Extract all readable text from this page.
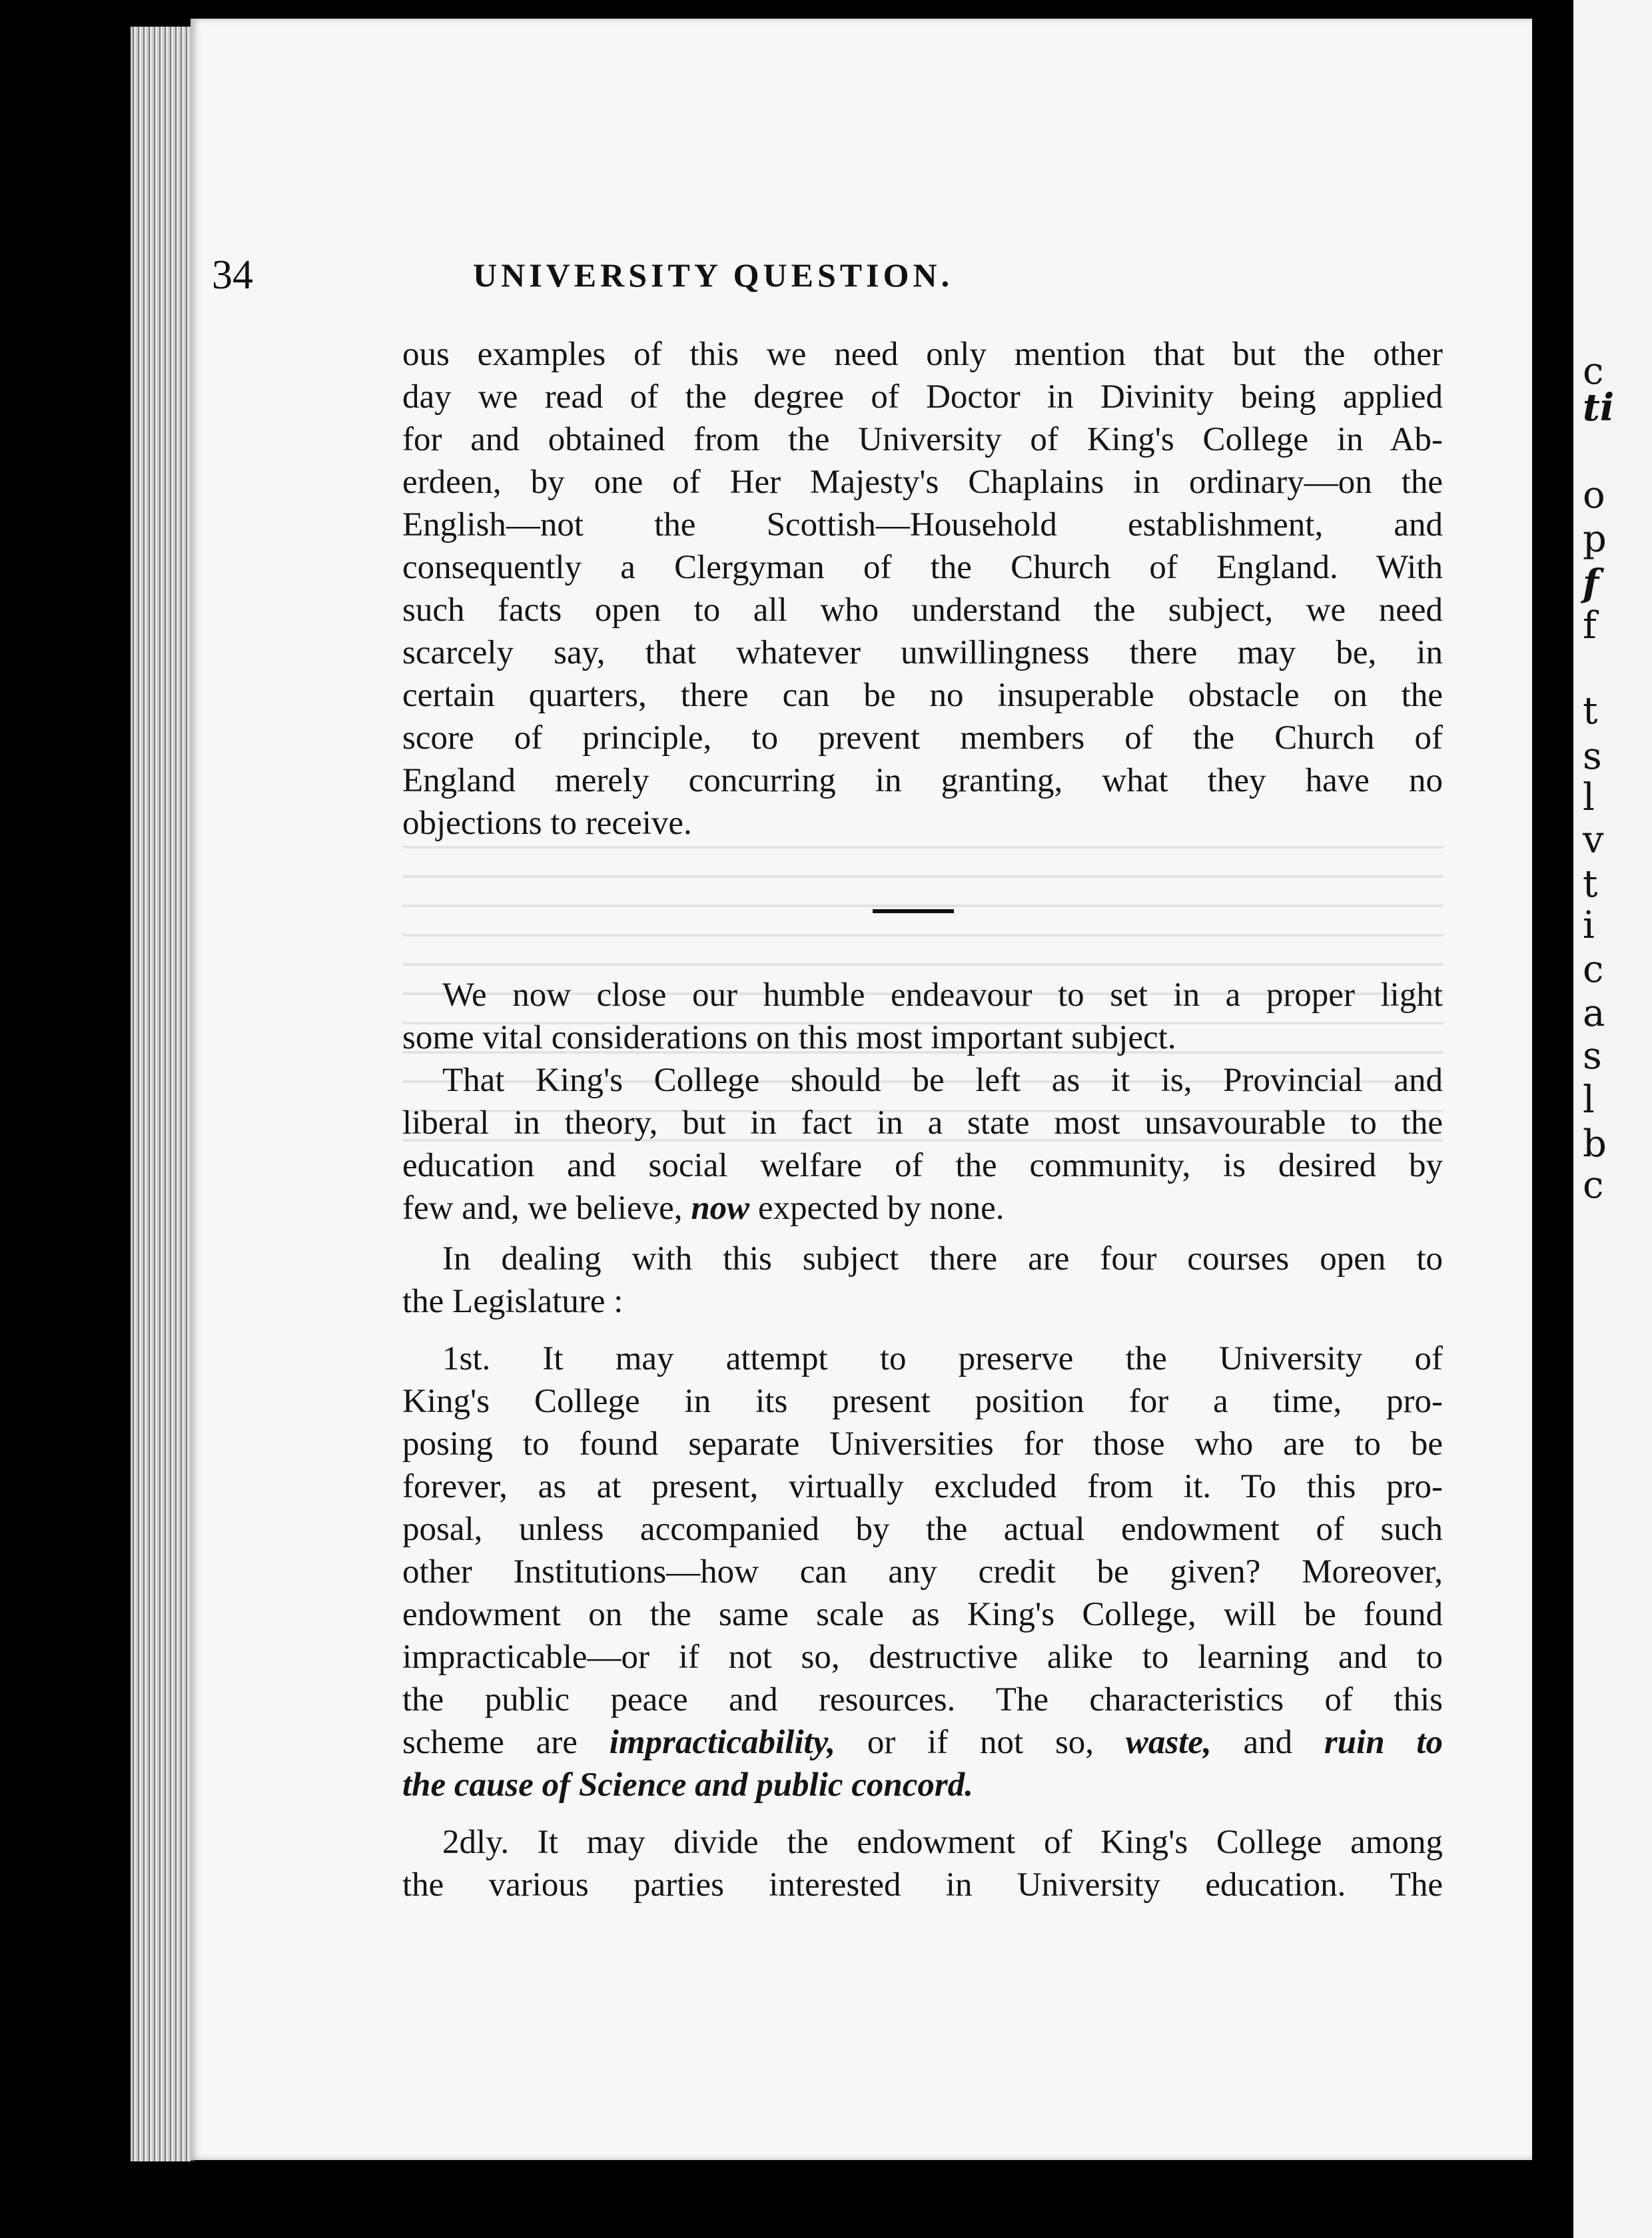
c
ti
o
p
f
f
t
s
l
v
t
i
c
a
s
l
b
c
34	UNIVERSITY QUESTION.

ous examples of this we need only mention that but the other
day we read of the degree of Doctor in Divinity being applied
for and obtained from the University of King's College in Ab-
erdeen, by one of Her Majesty's Chaplains in ordinary—on the
English—not the Scottish—Household establishment, and
consequently a Clergyman of the Church of England. With
such facts open to all who understand the subject, we need
scarcely say, that whatever unwillingness there may be, in
certain quarters, there can be no insuperable obstacle on the
score of principle, to prevent members of the Church of
England merely concurring in granting, what they have no
objections to receive.

We now close our humble endeavour to set in a proper light
some vital considerations on this most important subject.

That King's College should be left as it is, Provincial and
liberal in theory, but in fact in a state most unsavourable to the
education and social welfare of the community, is desired by
few and, we believe, now expected by none.

In dealing with this subject there are four courses open to
the Legislature :

1st. It may attempt to preserve the University of
King's College in its present position for a time, pro-
posing to found separate Universities for those who are to be
forever, as at present, virtually excluded from it. To this pro-
posal, unless accompanied by the actual endowment of such
other Institutions—how can any credit be given? Moreover,
endowment on the same scale as King's College, will be found
impracticable—or if not so, destructive alike to learning and to
the public peace and resources. The characteristics of this
scheme are impracticability, or if not so, waste, and ruin to
the cause of Science and public concord.

2dly. It may divide the endowment of King's College among
the various parties interested in University education. The
